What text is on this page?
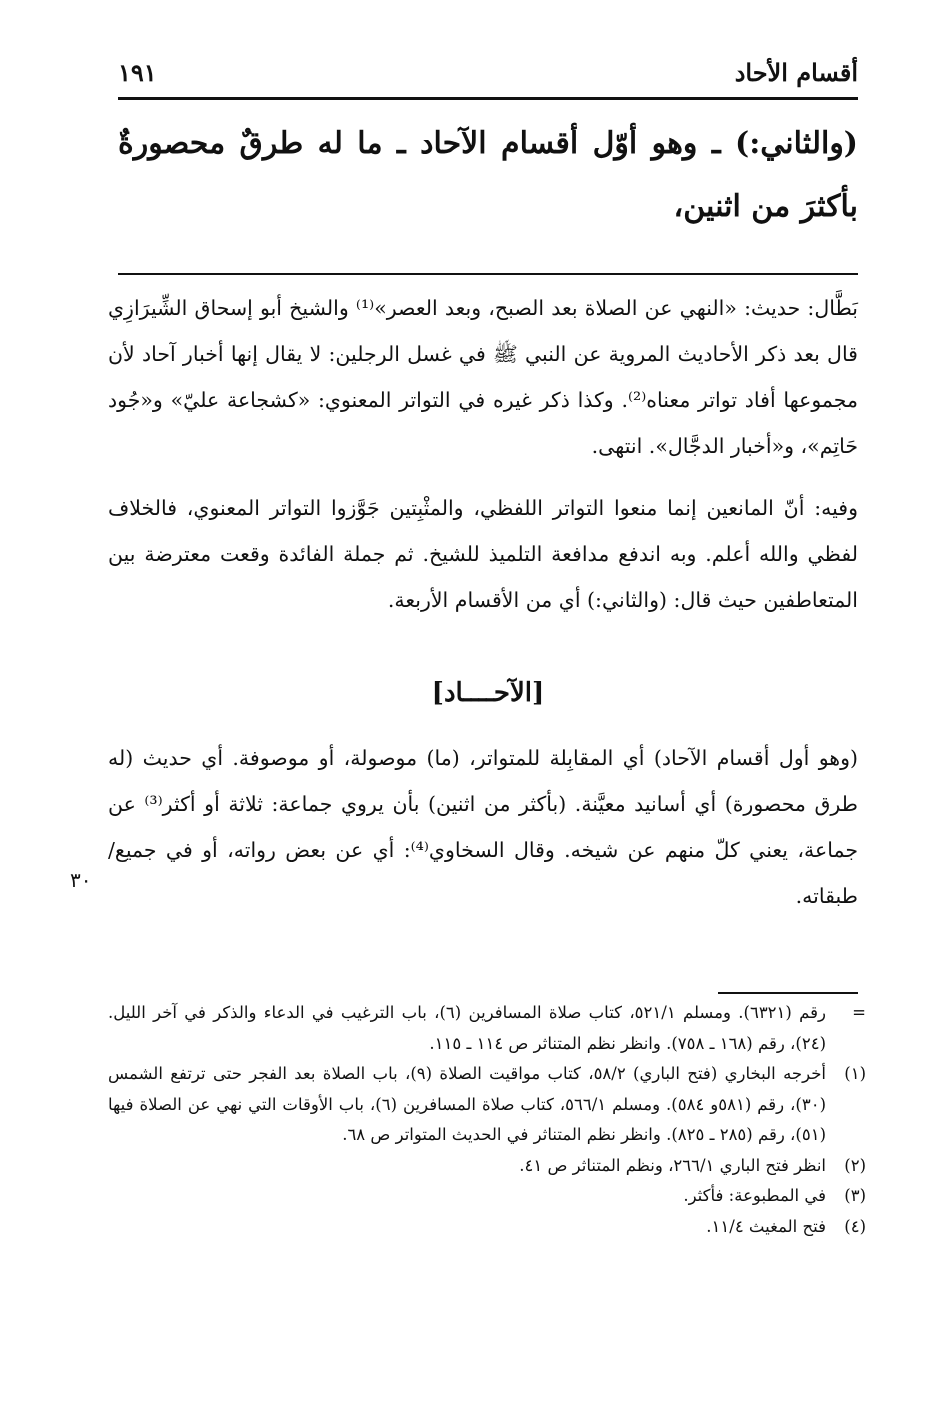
أقسام الأحاد
١٩١
(والثاني:) ـ وهو أوّل أقسام الآحاد ـ ما له طرقٌ محصورةٌ بأكثرَ من اثنين،
بَطَّال: حديث: «النهي عن الصلاة بعد الصبح، وبعد العصر»⁽¹⁾ والشيخ أبو إسحاق الشِّيرَازِي قال بعد ذكر الأحاديث المروية عن النبي ﷺ في غسل الرجلين: لا يقال إنها أخبار آحاد لأن مجموعها أفاد تواتر معناه⁽²⁾. وكذا ذكر غيره في التواتر المعنوي: «كشجاعة عليّ» و«جُود حَاتِم»، و«أخبار الدجَّال». انتهى.
وفيه: أنّ المانعين إنما منعوا التواتر اللفظي، والمثْبِتين جَوَّزوا التواتر المعنوي، فالخلاف لفظي والله أعلم. وبه اندفع مدافعة التلميذ للشيخ. ثم جملة الفائدة وقعت معترضة بين المتعاطفين حيث قال: (والثاني:) أي من الأقسام الأربعة.
[الآحــــاد]
(وهو أول أقسام الآحاد) أي المقابِلة للمتواتر، (ما) موصولة، أو موصوفة. أي حديث (له طرق محصورة) أي أسانيد معيَّنة. (بأكثر من اثنين) بأن يروي جماعة: ثلاثة أو أكثر⁽³⁾ عن جماعة، يعني كلّ منهم عن شيخه. وقال السخاوي⁽⁴⁾: أي عن بعض رواته، أو في جميع/ طبقاته.
٣٠
=
رقم (٦٣٢١). ومسلم ٥٢١/١، كتاب صلاة المسافرين (٦)، باب الترغيب في الدعاء والذكر في آخر الليل. (٢٤)، رقم (١٦٨ ـ ٧٥٨). وانظر نظم المتناثر ص ١١٤ ـ ١١٥.
(١)
أخرجه البخاري (فتح الباري) ٥٨/٢، كتاب مواقيت الصلاة (٩)، باب الصلاة بعد الفجر حتى ترتفع الشمس (٣٠)، رقم (٥٨١و ٥٨٤). ومسلم ٥٦٦/١، كتاب صلاة المسافرين (٦)، باب الأوقات التي نهي عن الصلاة فيها (٥١)، رقم (٢٨٥ ـ ٨٢٥). وانظر نظم المتناثر في الحديث المتواتر ص ٦٨.
(٢)
انظر فتح الباري ٢٦٦/١، ونظم المتناثر ص ٤١.
(٣)
في المطبوعة: فأكثر.
(٤)
فتح المغيث ١١/٤.
